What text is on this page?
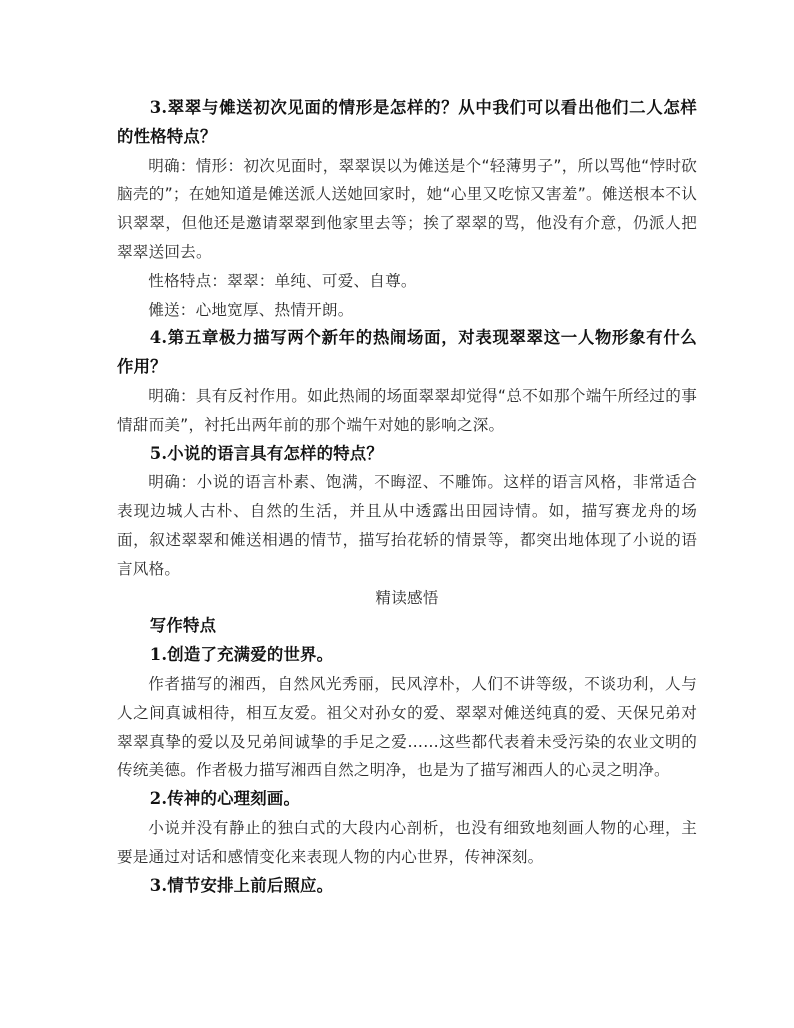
3.翠翠与傩送初次见面的情形是怎样的？从中我们可以看出他们二人怎样的性格特点？

明确：情形：初次见面时，翠翠误以为傩送是个“轻薄男子”，所以骂他“悖时砍脑壳的”；在她知道是傩送派人送她回家时，她“心里又吃惊又害羞”。傩送根本不认识翠翠，但他还是邀请翠翠到他家里去等；挨了翠翠的骂，他没有介意，仍派人把翠翠送回去。

性格特点：翠翠：单纯、可爱、自尊。

傩送：心地宽厚、热情开朗。

4.第五章极力描写两个新年的热闹场面，对表现翠翠这一人物形象有什么作用？

明确：具有反衬作用。如此热闹的场面翠翠却觉得“总不如那个端午所经过的事情甜而美”，衬托出两年前的那个端午对她的影响之深。

5.小说的语言具有怎样的特点？

明确：小说的语言朴素、饱满，不晦涩、不雕饰。这样的语言风格，非常适合表现边城人古朴、自然的生活，并且从中透露出田园诗情。如，描写赛龙舟的场面，叙述翠翠和傩送相遇的情节，描写抬花轿的情景等，都突出地体现了小说的语言风格。

精读感悟

写作特点

1.创造了充满爱的世界。

作者描写的湘西，自然风光秀丽，民风淳朴，人们不讲等级，不谈功利，人与人之间真诚相待，相互友爱。祖父对孙女的爱、翠翠对傩送纯真的爱、天保兄弟对翠翠真挚的爱以及兄弟间诚挚的手足之爱……这些都代表着未受污染的农业文明的传统美德。作者极力描写湘西自然之明净，也是为了描写湘西人的心灵之明净。

2.传神的心理刻画。

小说并没有静止的独白式的大段内心剖析，也没有细致地刻画人物的心理，主要是通过对话和感情变化来表现人物的内心世界，传神深刻。

3.情节安排上前后照应。
